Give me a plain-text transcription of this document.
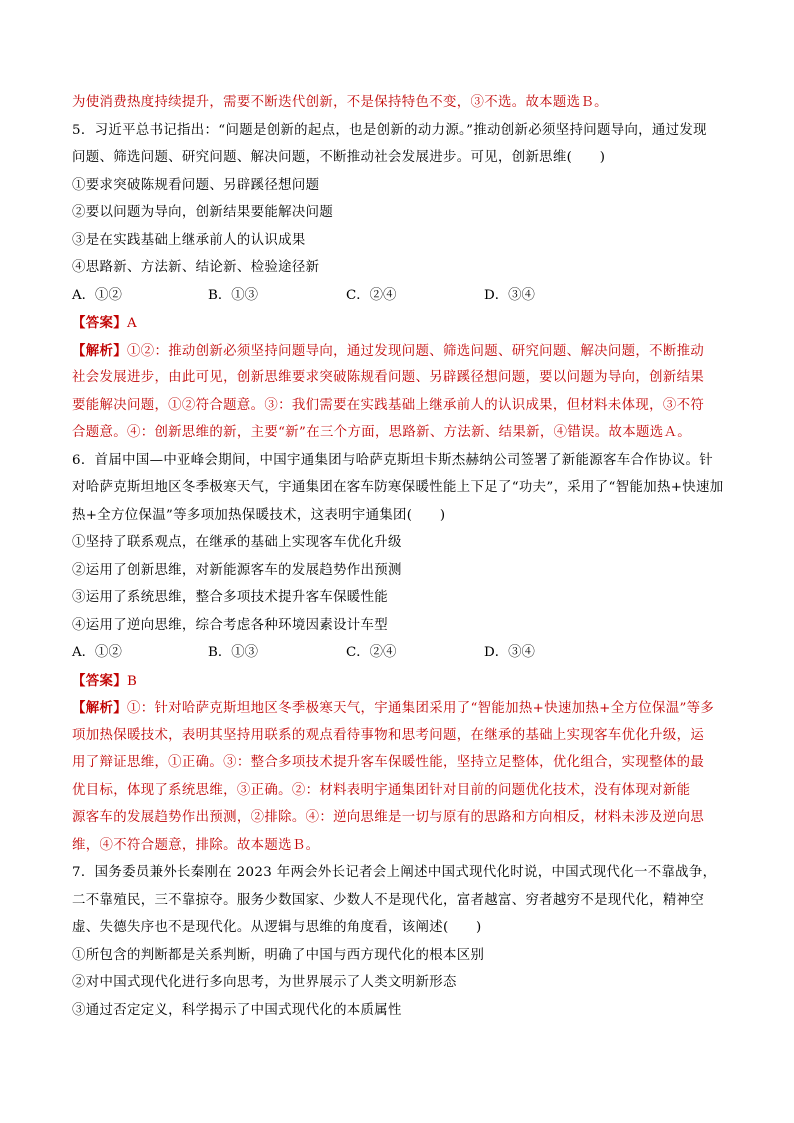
为使消费热度持续提升，需要不断迭代创新，不是保持特色不变，③不选。故本题选Ｂ。
5．习近平总书记指出：“问题是创新的起点，也是创新的动力源。”推动创新必须坚持问题导向，通过发现
问题、筛选问题、研究问题、解决问题，不断推动社会发展进步。可见，创新思维(　　)
①要求突破陈规看问题、另辟蹊径想问题
②要以问题为导向，创新结果要能解决问题
③是在实践基础上继承前人的认识成果
④思路新、方法新、结论新、检验途径新
A．①②	B．①③	C．②④	D．③④
【答案】A
【解析】①②：推动创新必须坚持问题导向，通过发现问题、筛选问题、研究问题、解决问题，不断推动
社会发展进步，由此可见，创新思维要求突破陈规看问题、另辟蹊径想问题，要以问题为导向，创新结果
要能解决问题，①②符合题意。③：我们需要在实践基础上继承前人的认识成果，但材料未体现，③不符
合题意。④：创新思维的新，主要“新”在三个方面，思路新、方法新、结果新，④错误。故本题选Ａ。
6．首届中国—中亚峰会期间，中国宇通集团与哈萨克斯坦卡斯杰赫纳公司签署了新能源客车合作协议。针
对哈萨克斯坦地区冬季极寒天气，宇通集团在客车防寒保暖性能上下足了“功夫”，采用了“智能加热+快速加
热+全方位保温”等多项加热保暖技术，这表明宇通集团(　　)
①坚持了联系观点，在继承的基础上实现客车优化升级
②运用了创新思维，对新能源客车的发展趋势作出预测
③运用了系统思维，整合多项技术提升客车保暖性能
④运用了逆向思维，综合考虑各种环境因素设计车型
A．①②	B．①③	C．②④	D．③④
【答案】B
【解析】①：针对哈萨克斯坦地区冬季极寒天气，宇通集团采用了“智能加热+快速加热+全方位保温”等多
项加热保暖技术，表明其坚持用联系的观点看待事物和思考问题，在继承的基础上实现客车优化升级，运
用了辩证思维，①正确。③：整合多项技术提升客车保暖性能，坚持立足整体，优化组合，实现整体的最
优目标，体现了系统思维，③正确。②：材料表明宇通集团针对目前的问题优化技术，没有体现对新能
源客车的发展趋势作出预测，②排除。④：逆向思维是一切与原有的思路和方向相反，材料未涉及逆向思
维，④不符合题意，排除。故本题选Ｂ。
7．国务委员兼外长秦刚在 2023 年两会外长记者会上阐述中国式现代化时说，中国式现代化一不靠战争，
二不靠殖民，三不靠掠夺。服务少数国家、少数人不是现代化，富者越富、穷者越穷不是现代化，精神空
虚、失德失序也不是现代化。从逻辑与思维的角度看，该阐述(　　)
①所包含的判断都是关系判断，明确了中国与西方现代化的根本区别
②对中国式现代化进行多向思考，为世界展示了人类文明新形态
③通过否定定义，科学揭示了中国式现代化的本质属性
